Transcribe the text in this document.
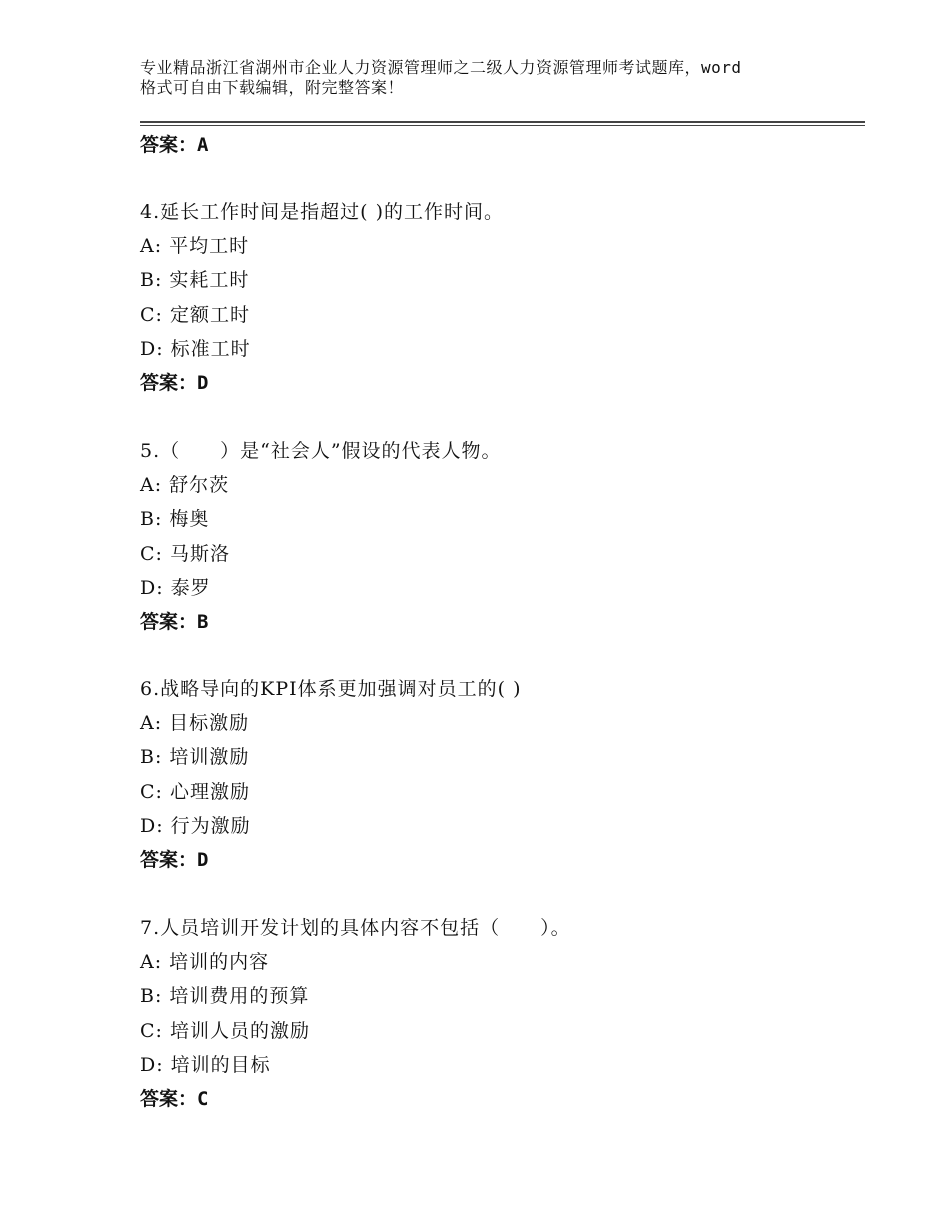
专业精品浙江省湖州市企业人力资源管理师之二级人力资源管理师考试题库，word
格式可自由下载编辑，附完整答案！
答案：A
4.延长工作时间是指超过( )的工作时间。
A: 平均工时
B: 实耗工时
C: 定额工时
D: 标准工时
答案：D
5.（　　）是“社会人”假设的代表人物。
A: 舒尔茨
B: 梅奥
C: 马斯洛
D: 泰罗
答案：B
6.战略导向的KPI体系更加强调对员工的( )
A: 目标激励
B: 培训激励
C: 心理激励
D: 行为激励
答案：D
7.人员培训开发计划的具体内容不包括（　　）。
A: 培训的内容
B: 培训费用的预算
C: 培训人员的激励
D: 培训的目标
答案：C
